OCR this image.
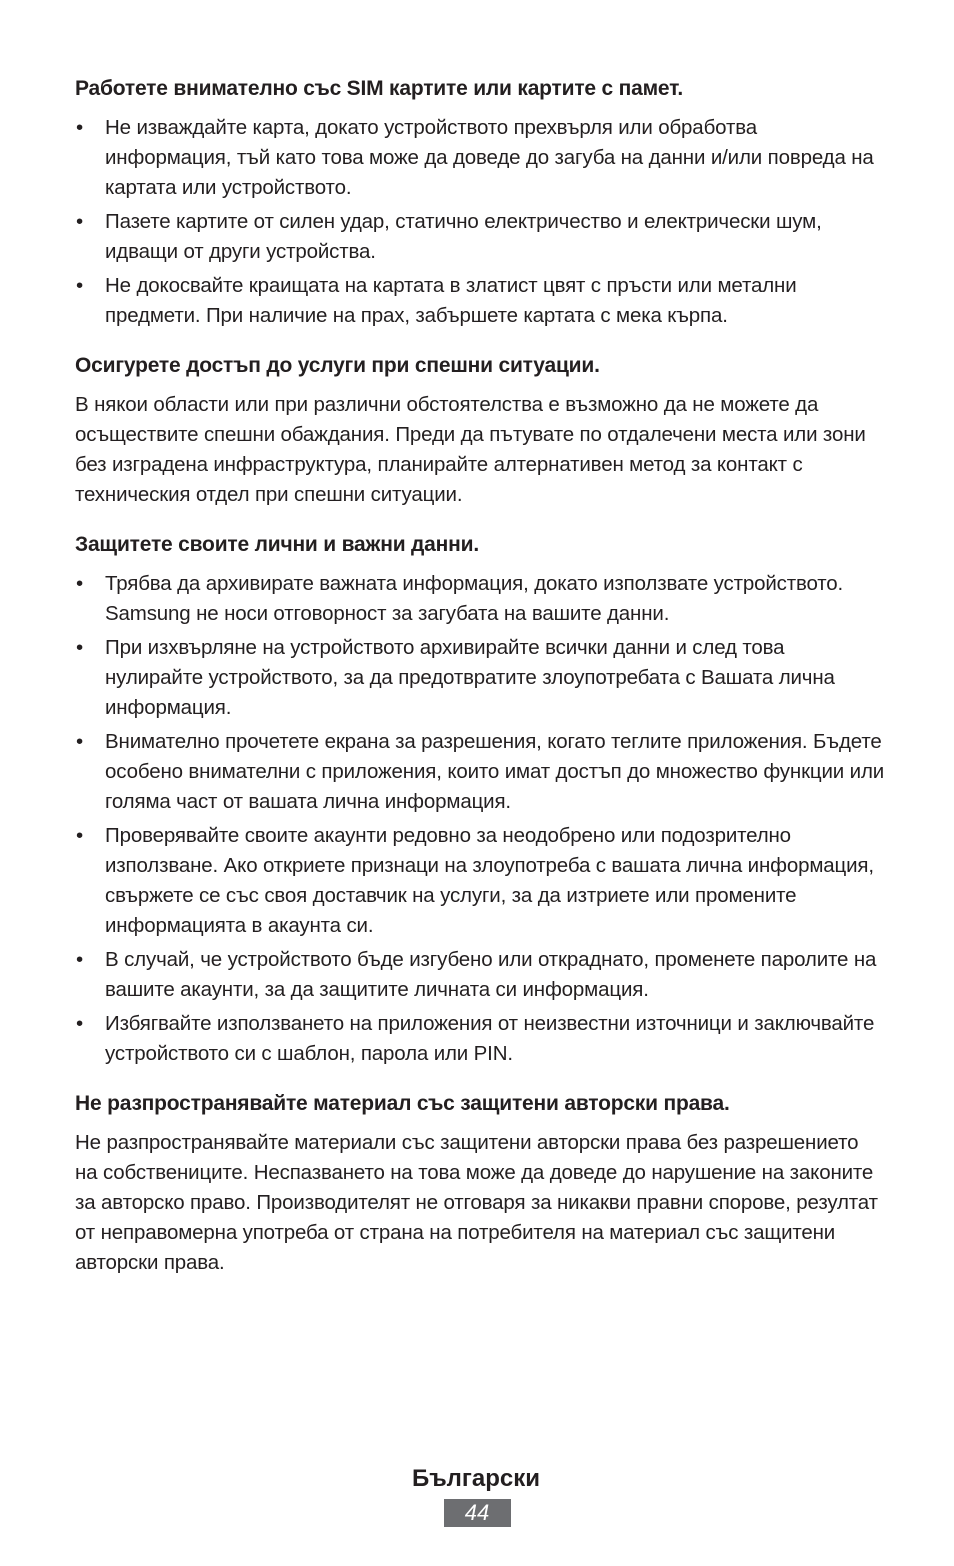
Работете внимателно със SIM картите или картите с памет.
• Не изваждайте карта, докато устройството прехвърля или обработва информация, тъй като това може да доведе до загуба на данни и/или повреда на картата или устройството.
• Пазете картите от силен удар, статично електричество и електрически шум, идващи от други устройства.
• Не докосвайте краищата на картата в златист цвят с пръсти или метални предмети. При наличие на прах, забършете картата с мека кърпа.
Осигурете достъп до услуги при спешни ситуации.

В някои области или при различни обстоятелства е възможно да не можете да осъществите спешни обаждания. Преди да пътувате по отдалечени места или зони без изградена инфраструктура, планирайте алтернативен метод за контакт с техническия отдел при спешни ситуации.

Защитете своите лични и важни данни.
• Трябва да архивирате важната информация, докато използвате устройството. Samsung не носи отговорност за загубата на вашите данни.
• При изхвърляне на устройството архивирайте всички данни и след това нулирайте устройството, за да предотвратите злоупотребата с Вашата лична информация.
• Внимателно прочетете екрана за разрешения, когато теглите приложения. Бъдете особено внимателни с приложения, които имат достъп до множество функции или голяма част от вашата лична информация.
• Проверявайте своите акаунти редовно за неодобрено или подозрително използване. Ако откриете признаци на злоупотреба с вашата лична информация, свържете се със своя доставчик на услуги, за да изтриете или промените информацията в акаунта си.
• В случай, че устройството бъде изгубено или откраднато, променете паролите на вашите акаунти, за да защитите личната си информация.
• Избягвайте използването на приложения от неизвестни източници и заключвайте устройството си с шаблон, парола или PIN.
Не разпространявайте материал със защитени авторски права.

Не разпространявайте материали със защитени авторски права без разрешението на собствениците. Неспазването на това може да доведе до нарушение на законите за авторско право. Производителят не отговаря за никакви правни спорове, резултат от неправомерна употреба от страна на потребителя на материал със защитени авторски права.

Български
44
